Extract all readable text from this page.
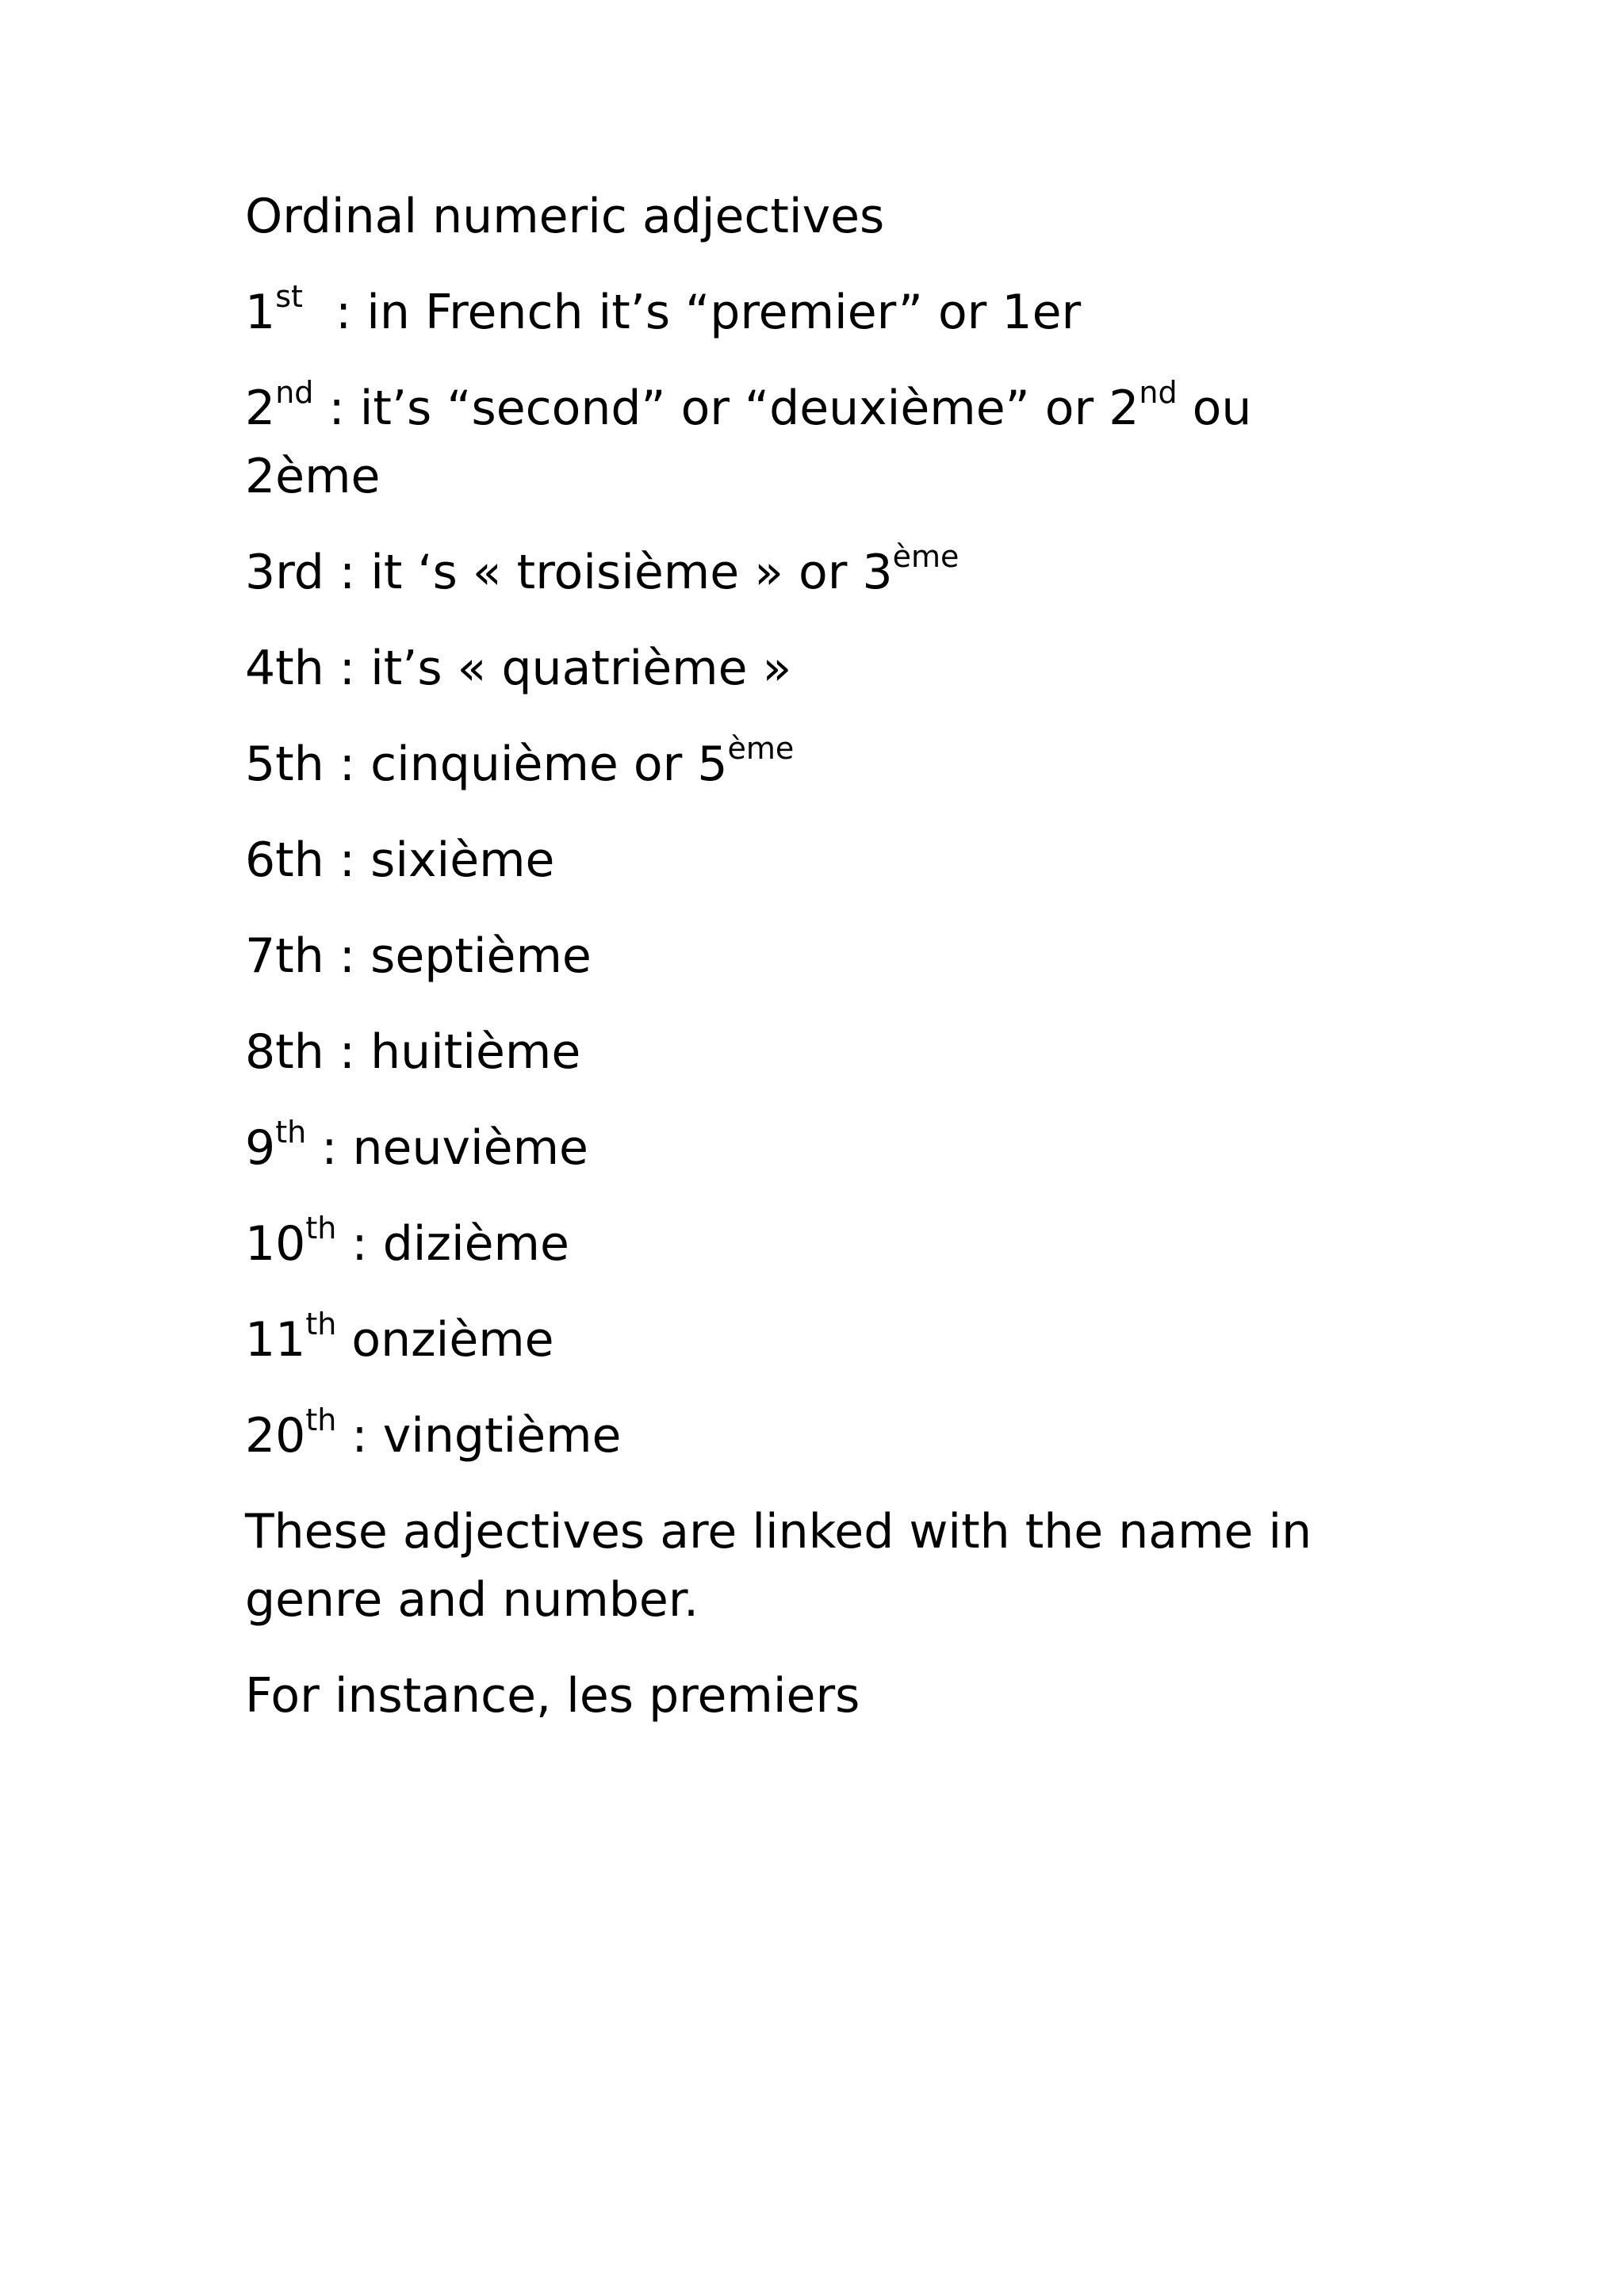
Ordinal numeric adjectives

1st : in French it’s “premier” or 1er

2nd : it’s “second” or “deuxième” or 2nd ou 2ème

3rd : it ‘s « troisième » or 3ème

4th : it’s « quatrième »

5th : cinquième or 5ème

6th : sixième

7th : septième

8th : huitième

9th : neuvième

10th : dizième

11th onzième

20th : vingtième

These adjectives are linked with the name in genre and number.

For instance, les premiers
